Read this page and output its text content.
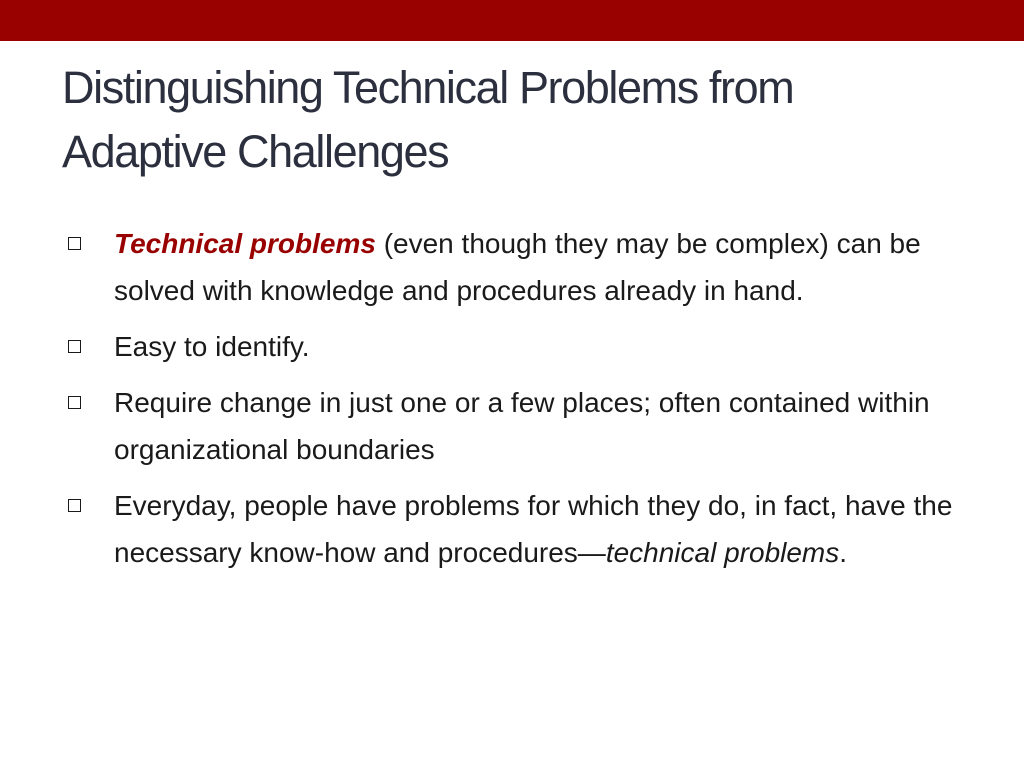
Distinguishing Technical Problems from
Adaptive Challenges
Technical problems (even though they may be complex) can be solved with knowledge and procedures already in hand.
Easy to identify.
Require change in just one or a few places; often contained within organizational boundaries
Everyday, people have problems for which they do, in fact, have the necessary know-how and procedures—technical problems.
